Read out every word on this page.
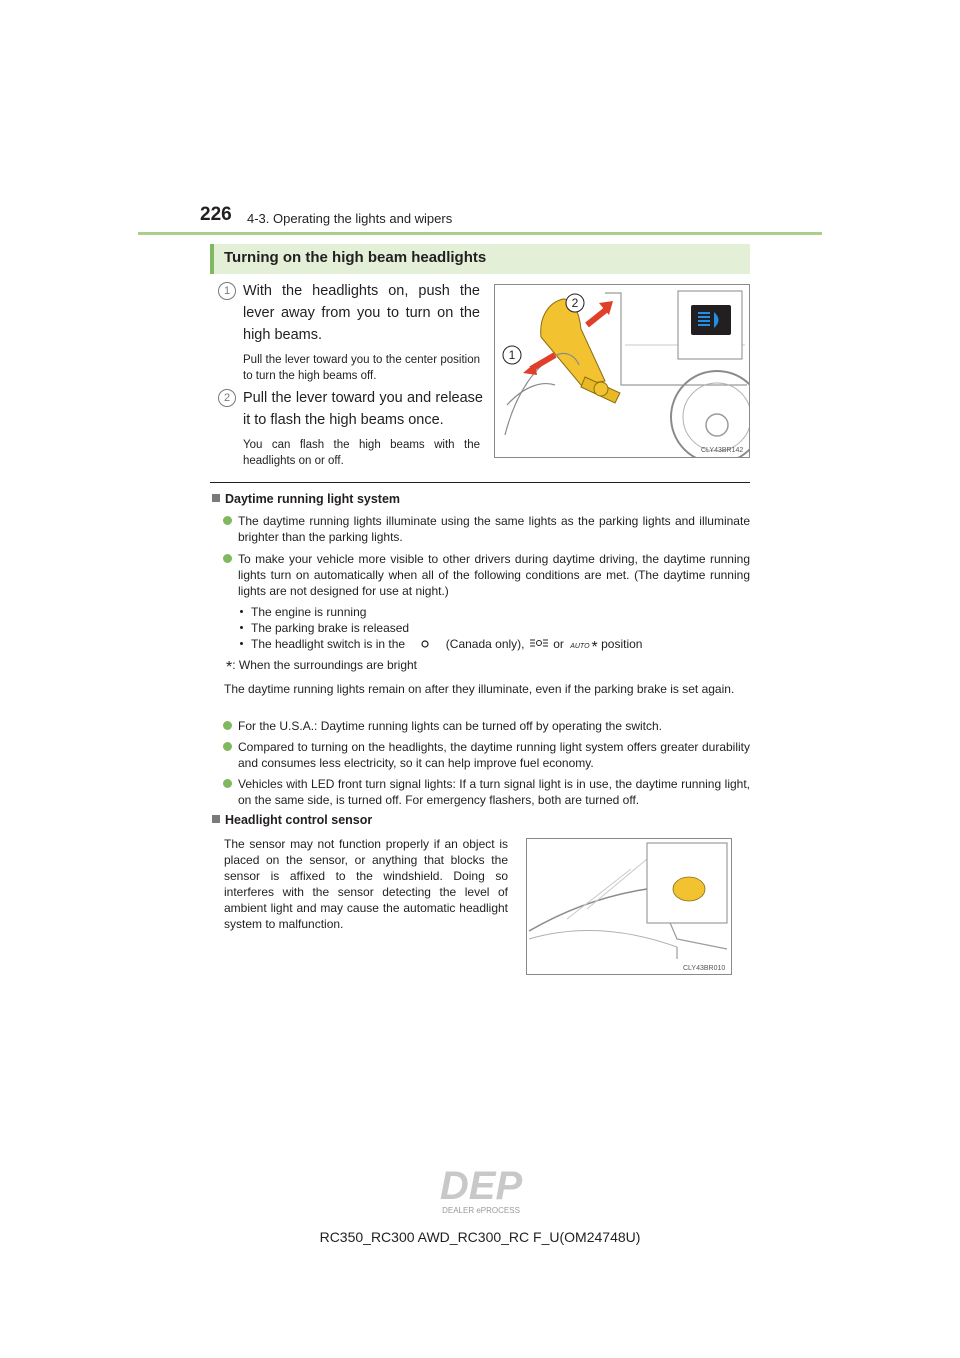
226 4-3. Operating the lights and wipers
Turning on the high beam headlights
1 With the headlights on, push the lever away from you to turn on the high beams.
Pull the lever toward you to the center position to turn the high beams off.
2 Pull the lever toward you and release it to flash the high beams once.
You can flash the high beams with the headlights on or off.
2
1
CLY43BR142
Daytime running light system
The daytime running lights illuminate using the same lights as the parking lights and illuminate brighter than the parking lights.
To make your vehicle more visible to other drivers during daytime driving, the daytime running lights turn on automatically when all of the following conditions are met. (The daytime running lights are not designed for use at night.)
The engine is running
The parking brake is released
The headlight switch is in the	(Canada only), or AUTO * position
*: When the surroundings are bright
The daytime running lights remain on after they illuminate, even if the parking brake is set again.
For the U.S.A.: Daytime running lights can be turned off by operating the switch.
Compared to turning on the headlights, the daytime running light system offers greater durability and consumes less electricity, so it can help improve fuel economy.
Vehicles with LED front turn signal lights: If a turn signal light is in use, the daytime running light, on the same side, is turned off. For emergency flashers, both are turned off.
Headlight control sensor
The sensor may not function properly if an object is placed on the sensor, or anything that blocks the sensor is affixed to the windshield. Doing so interferes with the sensor detecting the level of ambient light and may cause the automatic headlight system to malfunction.
CLY43BR010
DEP
DEALER ePROCESS
RC350_RC300 AWD_RC300_RC F_U(OM24748U)
